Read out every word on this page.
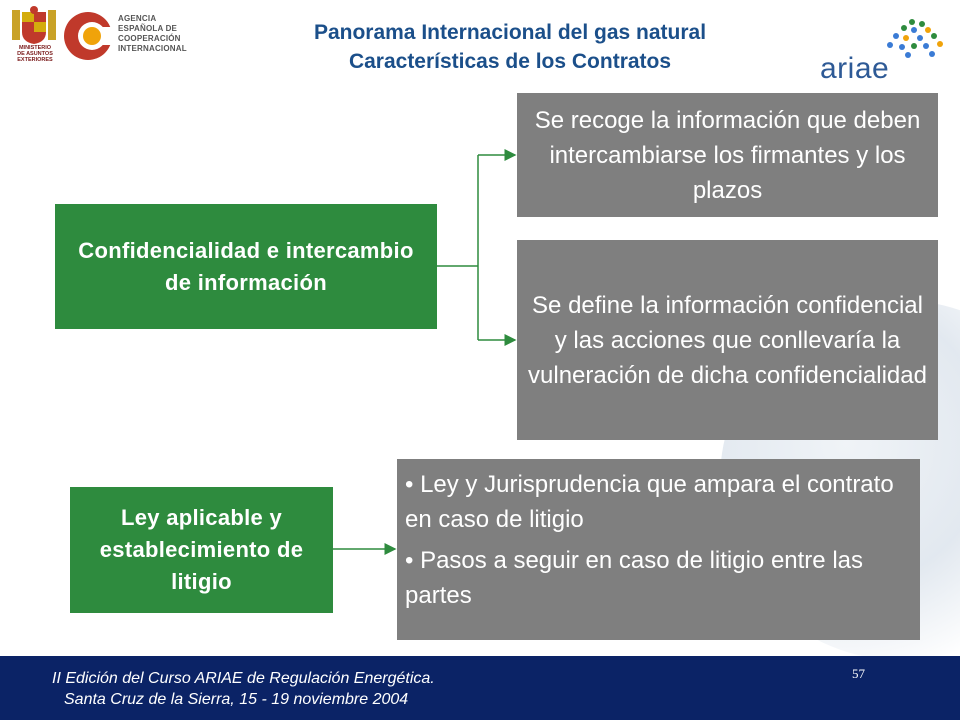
MINISTERIO
DE ASUNTOS
EXTERIORES
AGENCIA
ESPAÑOLA DE
COOPERACIÓN
INTERNACIONAL
Panorama Internacional del gas natural
Características de los Contratos	ariae
Confidencialidad e intercambio de información
Se recoge la información que deben intercambiarse los firmantes y los plazos
Se define la información confidencial y las acciones que conllevaría la vulneración de dicha confidencialidad
Ley aplicable y establecimiento de litigio

• Ley y Jurisprudencia que ampara el contrato en caso de litigio

• Pasos a seguir en caso de litigio entre las partes

II Edición del Curso ARIAE de Regulación Energética.
Santa Cruz de la Sierra, 15 - 19 noviembre 2004
57
